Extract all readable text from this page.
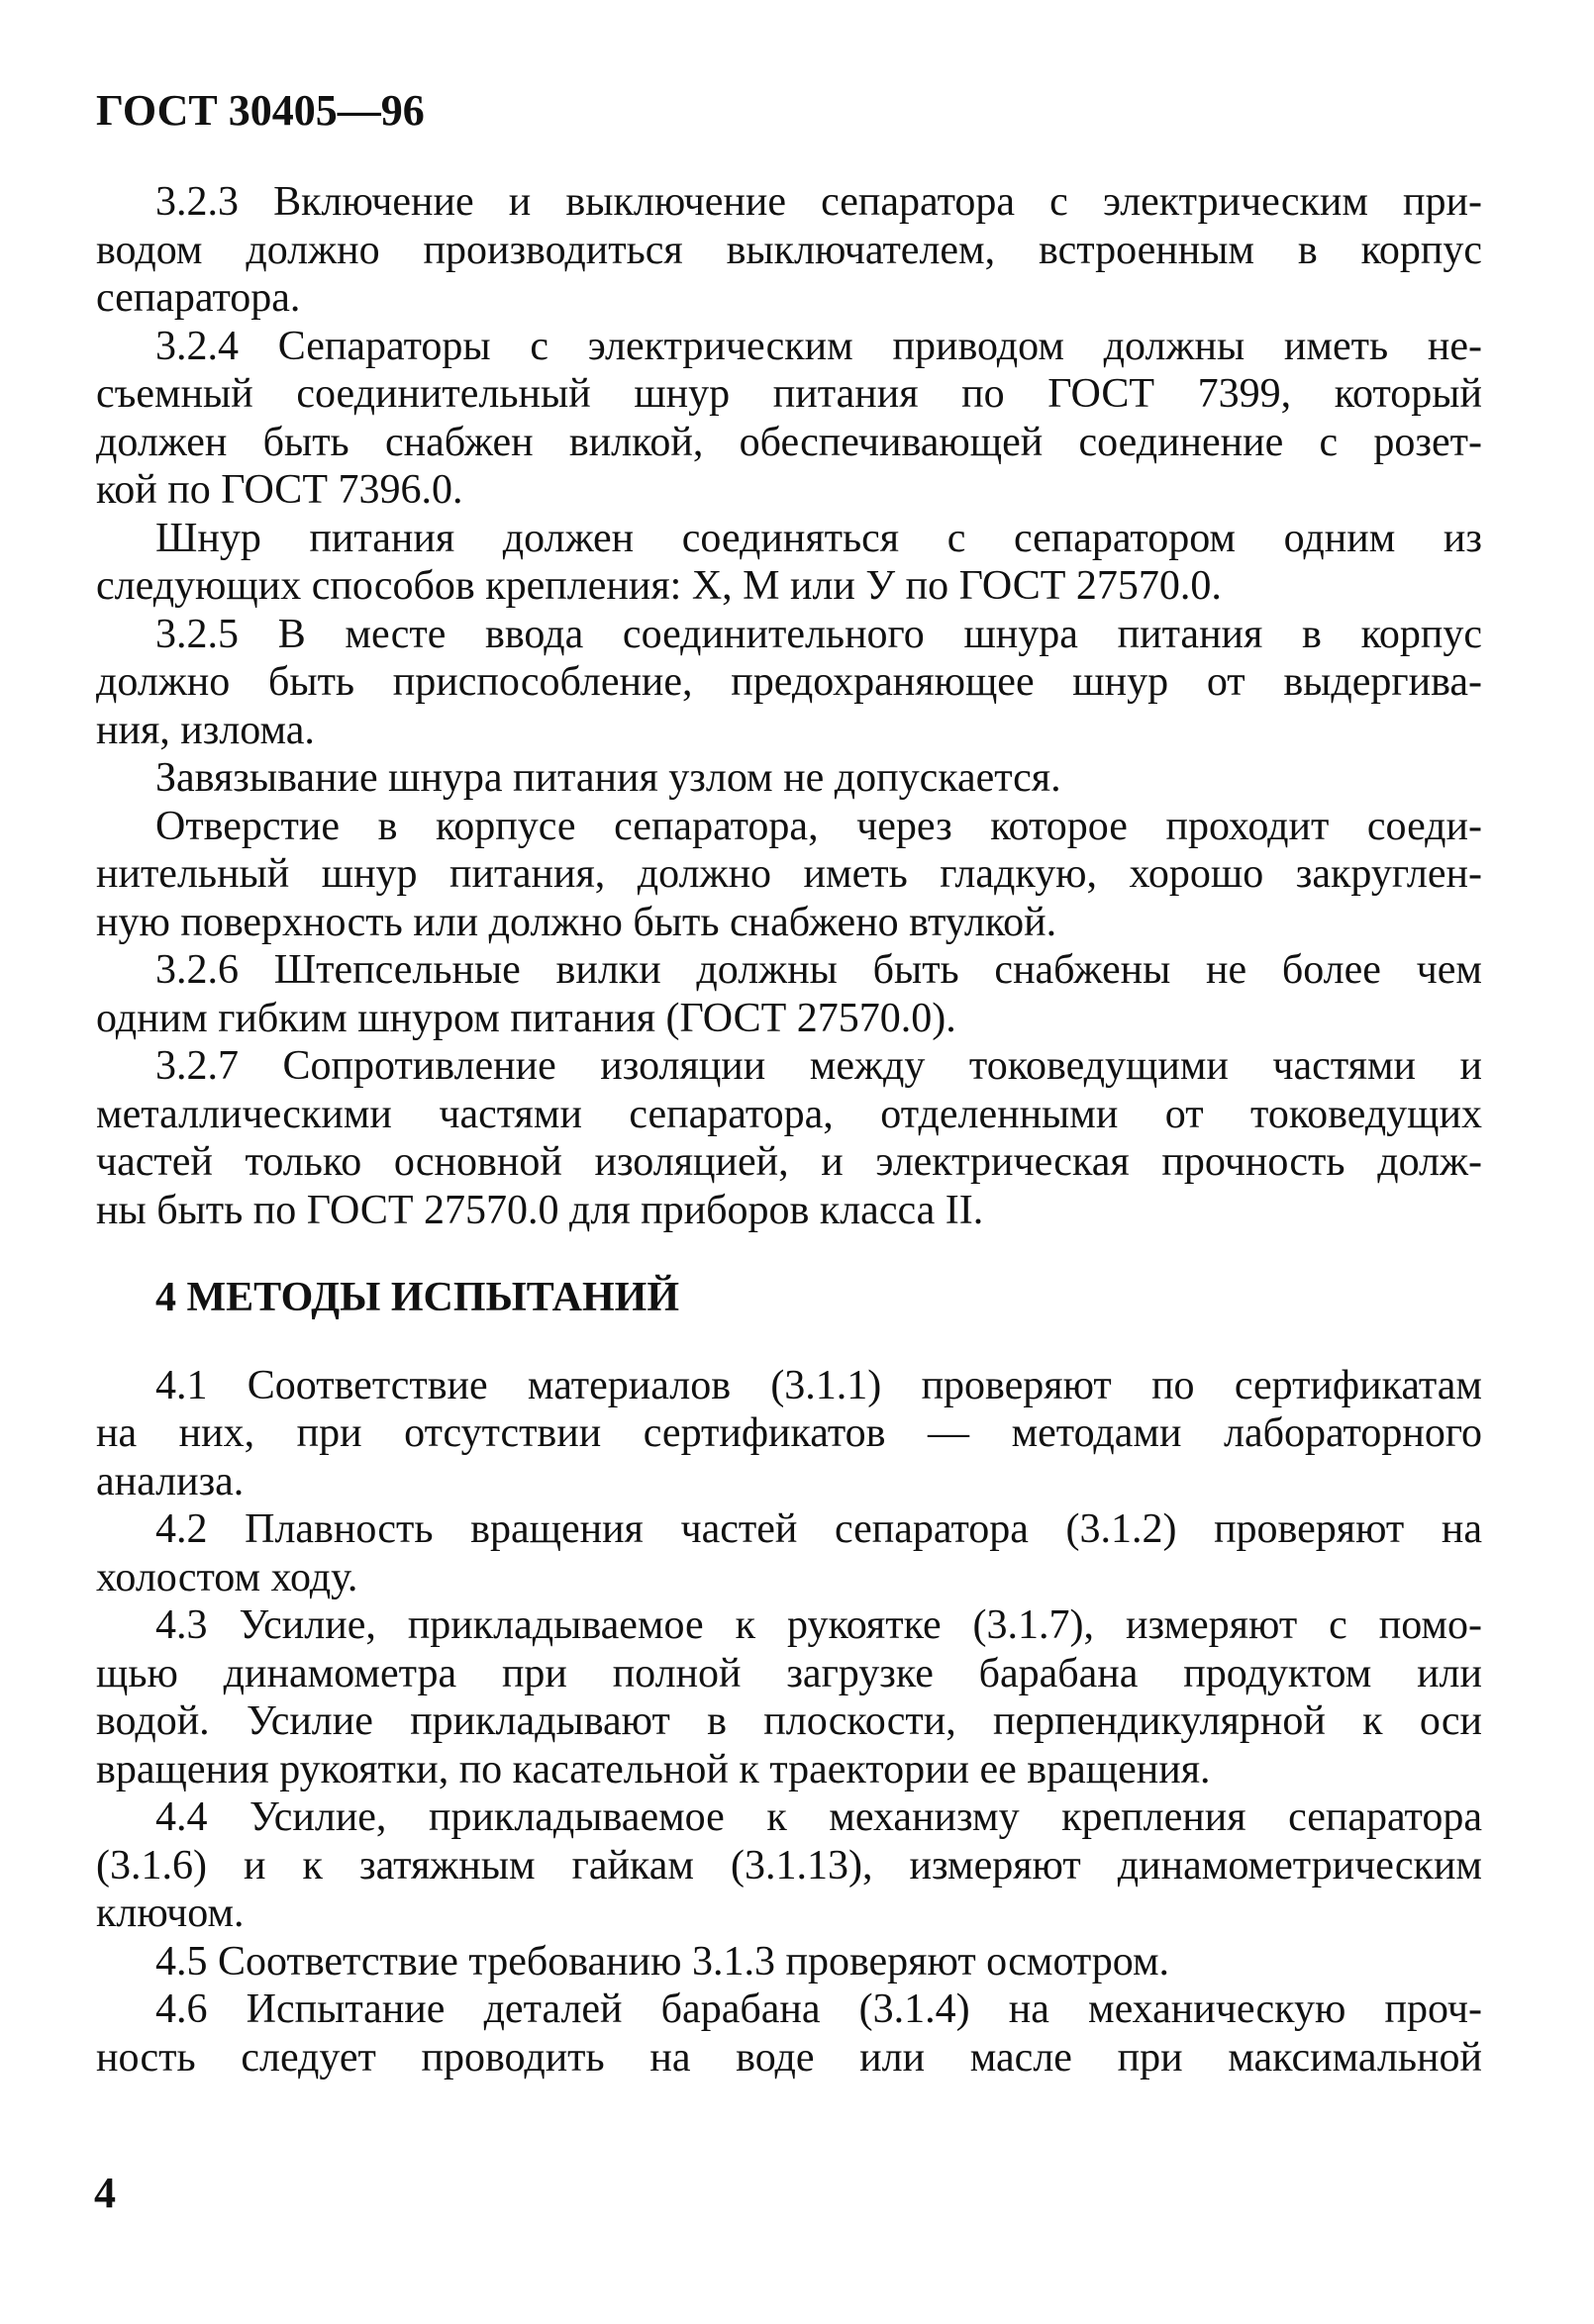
ГОСТ 30405—96
3.2.3 Включение и выключение сепаратора с электрическим при-
водом должно производиться выключателем, встроенным в корпус
сепаратора.
3.2.4 Сепараторы с электрическим приводом должны иметь не-
съемный соединительный шнур питания по ГОСТ 7399, который
должен быть снабжен вилкой, обеспечивающей соединение с розет-
кой по ГОСТ 7396.0.
Шнур питания должен соединяться с сепаратором одним из
следующих способов крепления: X, М или У по ГОСТ 27570.0.
3.2.5 В месте ввода соединительного шнура питания в корпус
должно быть приспособление, предохраняющее шнур от выдергива-
ния, излома.
Завязывание шнура питания узлом не допускается.
Отверстие в корпусе сепаратора, через которое проходит соеди-
нительный шнур питания, должно иметь гладкую, хорошо закруглен-
ную поверхность или должно быть снабжено втулкой.
3.2.6 Штепсельные вилки должны быть снабжены не более чем
одним гибким шнуром питания (ГОСТ 27570.0).
3.2.7 Сопротивление изоляции между токоведущими частями и
металлическими частями сепаратора, отделенными от токоведущих
частей только основной изоляцией, и электрическая прочность долж-
ны быть по ГОСТ 27570.0 для приборов класса II.
4 МЕТОДЫ ИСПЫТАНИЙ
4.1 Соответствие материалов (3.1.1) проверяют по сертификатам
на них, при отсутствии сертификатов — методами лабораторного
анализа.
4.2 Плавность вращения частей сепаратора (3.1.2) проверяют на
холостом ходу.
4.3 Усилие, прикладываемое к рукоятке (3.1.7), измеряют с помо-
щью динамометра при полной загрузке барабана продуктом или
водой. Усилие прикладывают в плоскости, перпендикулярной к оси
вращения рукоятки, по касательной к траектории ее вращения.
4.4 Усилие, прикладываемое к механизму крепления сепаратора
(3.1.6) и к затяжным гайкам (3.1.13), измеряют динамометрическим
ключом.
4.5 Соответствие требованию 3.1.3 проверяют осмотром.
4.6 Испытание деталей барабана (3.1.4) на механическую проч-
ность следует проводить на воде или масле при максимальной
4
